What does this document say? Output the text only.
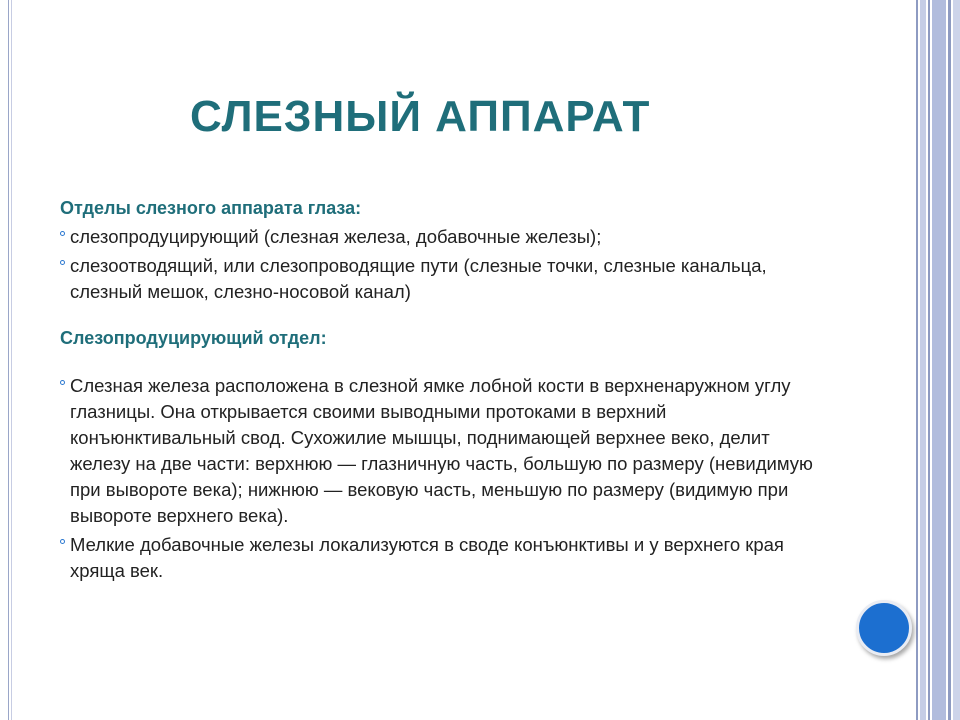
СЛЕЗНЫЙ АППАРАТ
Отделы слезного аппарата глаза:
слезопродуцирующий (слезная железа, добавочные железы);
слезоотводящий, или слезопроводящие пути (слезные точки, слезные канальца, слезный мешок, слезно-носовой канал)
Слезопродуцирующий отдел:
Слезная железа расположена в слезной ямке лобной кости в верхненаружном углу глазницы. Она открывается своими выводными протоками в верхний конъюнктивальный свод. Сухожилие мышцы, поднимающей верхнее веко, делит железу на две части: верхнюю — глазничную часть, большую по размеру (невидимую при вывороте века); нижнюю — вековую часть, меньшую по размеру (видимую при вывороте верхнего века).
Мелкие добавочные железы локализуются в своде конъюнктивы и у верхнего края хряща век.
